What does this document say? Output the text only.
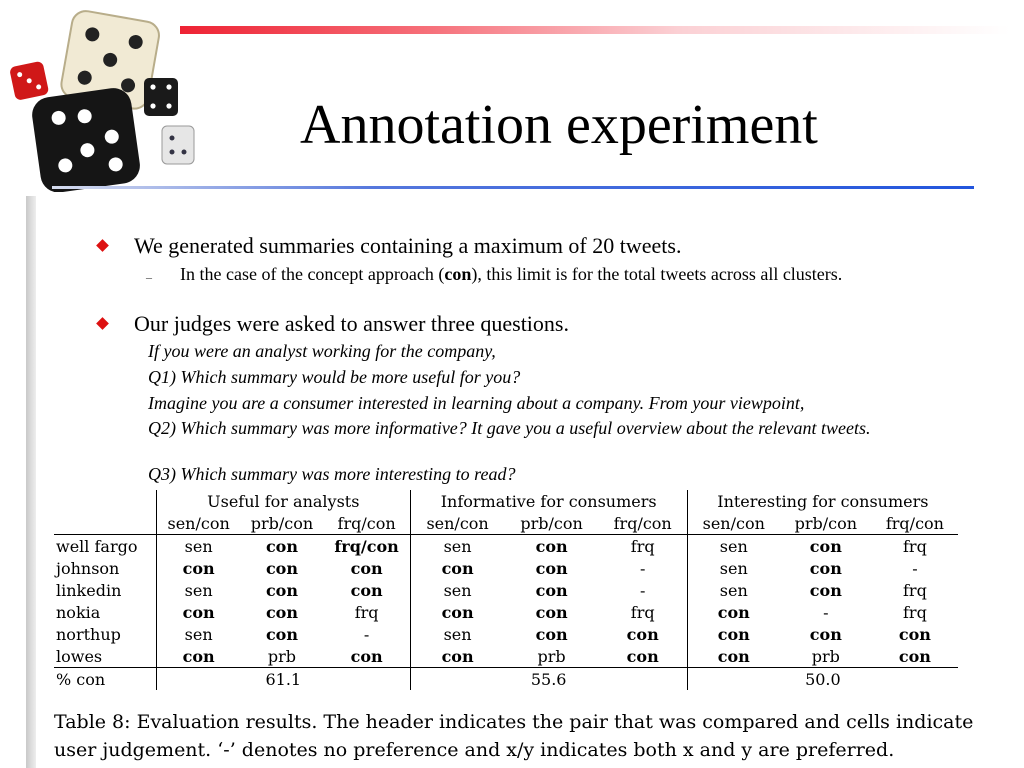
Annotation experiment
We generated summaries containing a maximum of 20 tweets.
– In the case of the concept approach (con), this limit is for the total tweets across all clusters.
Our judges were asked to answer three questions.
If you were an analyst working for the company,
Q1) Which summary would be more useful for you?
Imagine you are a consumer interested in learning about a company. From your viewpoint,
Q2) Which summary was more informative? It gave you a useful overview about the relevant tweets.
Q3) Which summary was more interesting to read?
	Useful for analysts			Informative for consumers			Interesting for consumers		
	sen/con	prb/con	frq/con	sen/con	prb/con	frq/con	sen/con	prb/con	frq/con
well fargo	sen	con	frq/con	sen	con	frq	sen	con	frq
johnson	con	con	con	con	con	-	sen	con	-
linkedin	sen	con	con	sen	con	-	sen	con	frq
nokia	con	con	frq	con	con	frq	con	-	frq
northup	sen	con	-	sen	con	con	con	con	con
lowes	con	prb	con	con	prb	con	con	prb	con
% con	61.1			55.6			50.0		
Table 8: Evaluation results. The header indicates the pair that was compared and cells indicate user judgement. ‘-’ denotes no preference and x/y indicates both x and y are preferred.
